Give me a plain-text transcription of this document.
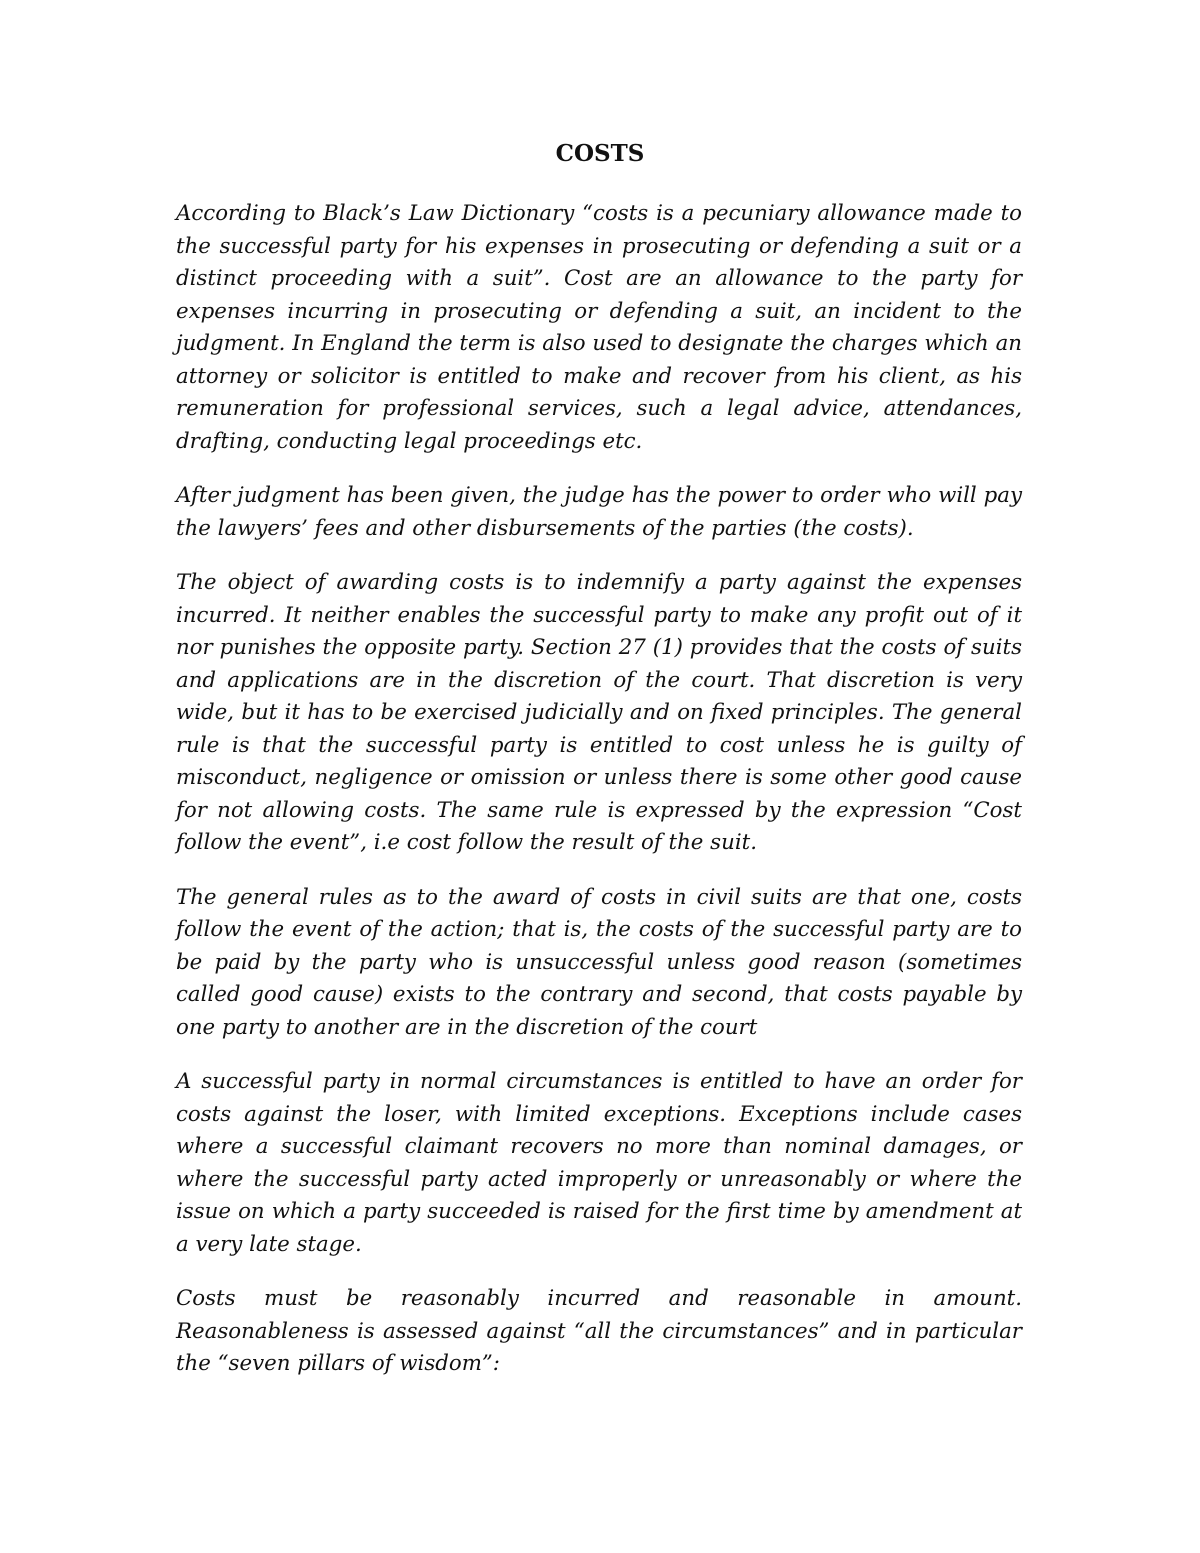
COSTS

According to Black’s Law Dictionary “costs is a pecuniary allowance made to the successful party for his expenses in prosecuting or defending a suit or a distinct proceeding with a suit”. Cost are an allowance to the party for expenses incurring in prosecuting or defending a suit, an incident to the judgment. In England the term is also used to designate the charges which an attorney or solicitor is entitled to make and recover from his client, as his remuneration for professional services, such a legal advice, attendances, drafting, conducting legal proceedings etc.

After judgment has been given, the judge has the power to order who will pay the lawyers’ fees and other disbursements of the parties (the costs).

The object of awarding costs is to indemnify a party against the expenses incurred. It neither enables the successful party to make any profit out of it nor punishes the opposite party. Section 27 (1) provides that the costs of suits and applications are in the discretion of the court. That discretion is very wide, but it has to be exercised judicially and on fixed principles. The general rule is that the successful party is entitled to cost unless he is guilty of misconduct, negligence or omission or unless there is some other good cause for not allowing costs. The same rule is expressed by the expression “Cost follow the event”, i.e cost follow the result of the suit.

The general rules as to the award of costs in civil suits are that one, costs follow the event of the action; that is, the costs of the successful party are to be paid by the party who is unsuccessful unless good reason (sometimes called good cause) exists to the contrary and second, that costs payable by one party to another are in the discretion of the court

A successful party in normal circumstances is entitled to have an order for costs against the loser, with limited exceptions. Exceptions include cases where a successful claimant recovers no more than nominal damages, or where the successful party acted improperly or unreasonably or where the issue on which a party succeeded is raised for the first time by amendment at a very late stage.

Costs must be reasonably incurred and reasonable in amount. Reasonableness is assessed against “all the circumstances” and in particular the “seven pillars of wisdom”:
